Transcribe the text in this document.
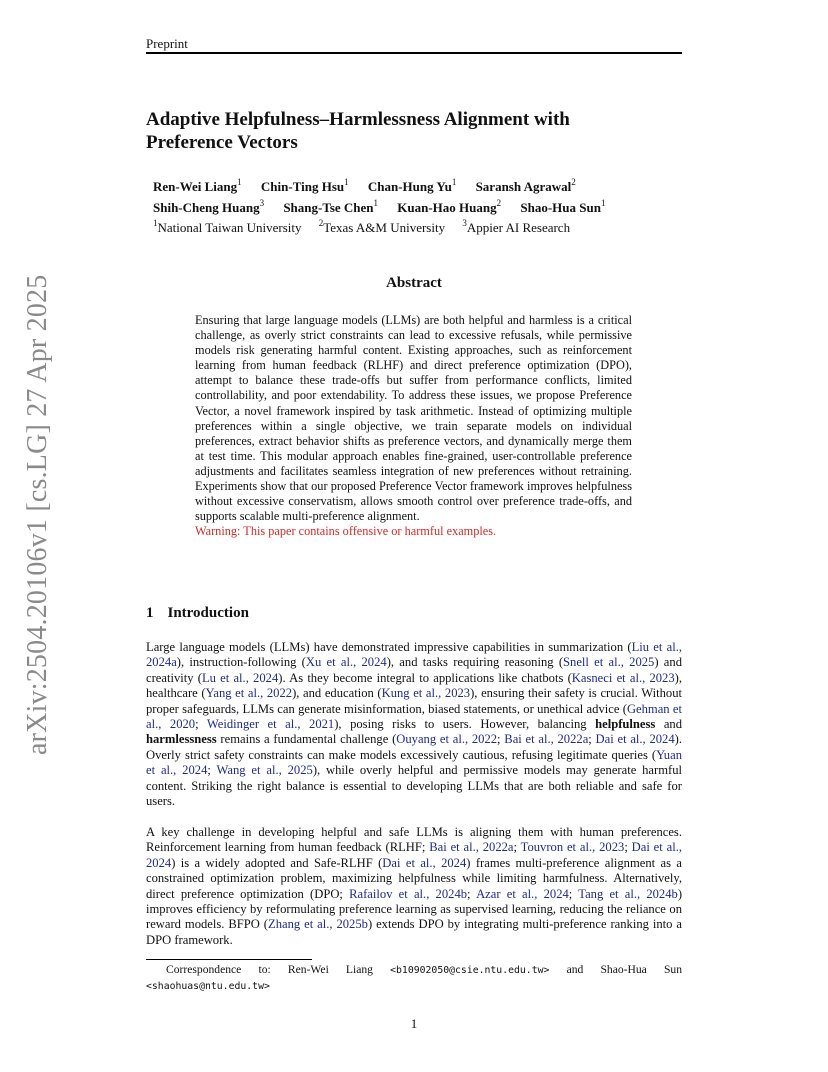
Preprint
arXiv:2504.20106v1 [cs.LG] 27 Apr 2025
Adaptive Helpfulness–Harmlessness Alignment with
Preference Vectors
Ren-Wei Liang$^1$ Chin-Ting Hsu$^1$ Chan-Hung Yu$^1$ Saransh Agrawal$^2$
Shih-Cheng Huang$^3$ Shang-Tse Chen$^1$ Kuan-Hao Huang$^2$ Shao-Hua Sun$^1$
$^1$National Taiwan University $^2$Texas A&M University $^3$Appier AI Research
Abstract

Ensuring that large language models (LLMs) are both helpful and harmless is a critical challenge, as overly strict constraints can lead to excessive refusals, while permissive models risk generating harmful content. Existing approaches, such as reinforcement learning from human feedback (RLHF) and direct preference optimization (DPO), attempt to balance these trade-offs but suffer from performance conflicts, limited controllability, and poor extendability. To address these issues, we propose Preference Vector, a novel framework inspired by task arithmetic. Instead of optimizing multiple preferences within a single objective, we train separate models on individual preferences, extract behavior shifts as preference vectors, and dynamically merge them at test time. This modular approach enables fine-grained, user-controllable preference adjustments and facilitates seamless integration of new preferences without retraining. Experiments show that our proposed Preference Vector framework improves helpfulness without excessive conservatism, allows smooth control over preference trade-offs, and supports scalable multi-preference alignment.

Warning: This paper contains offensive or harmful examples.
1 Introduction

Large language models (LLMs) have demonstrated impressive capabilities in summarization (Liu et al., 2024a), instruction-following (Xu et al., 2024), and tasks requiring reasoning (Snell et al., 2025) and creativity (Lu et al., 2024). As they become integral to applications like chatbots (Kasneci et al., 2023), healthcare (Yang et al., 2022), and education (Kung et al., 2023), ensuring their safety is crucial. Without proper safeguards, LLMs can generate misinformation, biased statements, or unethical advice (Gehman et al., 2020; Weidinger et al., 2021), posing risks to users. However, balancing helpfulness and harmlessness remains a fundamental challenge (Ouyang et al., 2022; Bai et al., 2022a; Dai et al., 2024). Overly strict safety constraints can make models excessively cautious, refusing legitimate queries (Yuan et al., 2024; Wang et al., 2025), while overly helpful and permissive models may generate harmful content. Striking the right balance is essential to developing LLMs that are both reliable and safe for users.

A key challenge in developing helpful and safe LLMs is aligning them with human preferences. Reinforcement learning from human feedback (RLHF; Bai et al., 2022a; Touvron et al., 2023; Dai et al., 2024) is a widely adopted and Safe-RLHF (Dai et al., 2024) frames multi-preference alignment as a constrained optimization problem, maximizing helpfulness while limiting harmfulness. Alternatively, direct preference optimization (DPO; Rafailov et al., 2024b; Azar et al., 2024; Tang et al., 2024b) improves efficiency by reformulating preference learning as supervised learning, reducing the reliance on reward models. BFPO (Zhang et al., 2025b) extends DPO by integrating multi-preference ranking into a DPO framework.

Correspondence to: Ren-Wei Liang <b10902050@csie.ntu.edu.tw> and Shao-Hua Sun <shaohuas@ntu.edu.tw>
1
